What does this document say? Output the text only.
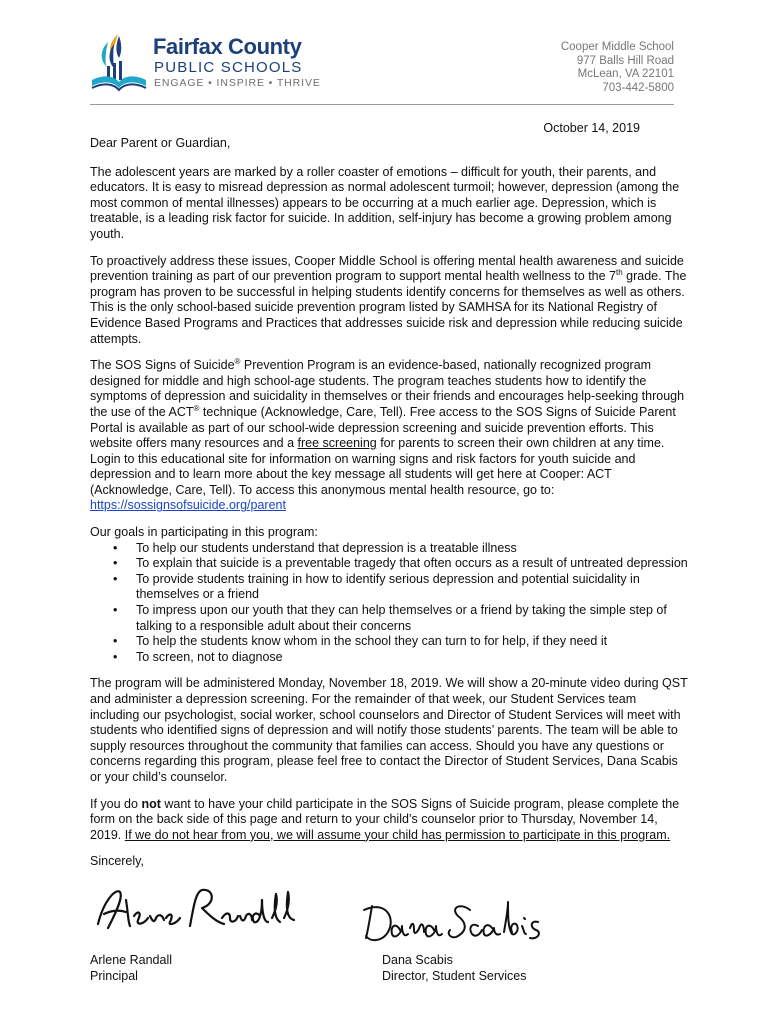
Fairfax County
PUBLIC SCHOOLS
ENGAGE • INSPIRE • THRIVE
Cooper Middle School
977 Balls Hill Road
McLean, VA 22101
703-442-5800
October 14, 2019

Dear Parent or Guardian,

The adolescent years are marked by a roller coaster of emotions – difficult for youth, their parents, and educators. It is easy to misread depression as normal adolescent turmoil; however, depression (among the most common of mental illnesses) appears to be occurring at a much earlier age. Depression, which is treatable, is a leading risk factor for suicide. In addition, self-injury has become a growing problem among youth.

To proactively address these issues, Cooper Middle School is offering mental health awareness and suicide prevention training as part of our prevention program to support mental health wellness to the 7th grade. The program has proven to be successful in helping students identify concerns for themselves as well as others. This is the only school-based suicide prevention program listed by SAMHSA for its National Registry of Evidence Based Programs and Practices that addresses suicide risk and depression while reducing suicide attempts.

The SOS Signs of Suicide® Prevention Program is an evidence-based, nationally recognized program designed for middle and high school-age students. The program teaches students how to identify the symptoms of depression and suicidality in themselves or their friends and encourages help-seeking through the use of the ACT® technique (Acknowledge, Care, Tell). Free access to the SOS Signs of Suicide Parent Portal is available as part of our school-wide depression screening and suicide prevention efforts. This website offers many resources and a free screening for parents to screen their own children at any time. Login to this educational site for information on warning signs and risk factors for youth suicide and depression and to learn more about the key message all students will get here at Cooper: ACT (Acknowledge, Care, Tell). To access this anonymous mental health resource, go to:
https://sossignsofsuicide.org/parent

Our goals in participating in this program:
• To help our students understand that depression is a treatable illness
• To explain that suicide is a preventable tragedy that often occurs as a result of untreated depression
• To provide students training in how to identify serious depression and potential suicidality in themselves or a friend
• To impress upon our youth that they can help themselves or a friend by taking the simple step of talking to a responsible adult about their concerns
• To help the students know whom in the school they can turn to for help, if they need it
• To screen, not to diagnose

The program will be administered Monday, November 18, 2019. We will show a 20-minute video during QST and administer a depression screening. For the remainder of that week, our Student Services team including our psychologist, social worker, school counselors and Director of Student Services will meet with students who identified signs of depression and will notify those students’ parents. The team will be able to supply resources throughout the community that families can access. Should you have any questions or concerns regarding this program, please feel free to contact the Director of Student Services, Dana Scabis or your child’s counselor.

If you do not want to have your child participate in the SOS Signs of Suicide program, please complete the form on the back side of this page and return to your child’s counselor prior to Thursday, November 14, 2019. If we do not hear from you, we will assume your child has permission to participate in this program.

Sincerely,

Arlene Randall
Principal
Dana Scabis
Director, Student Services
